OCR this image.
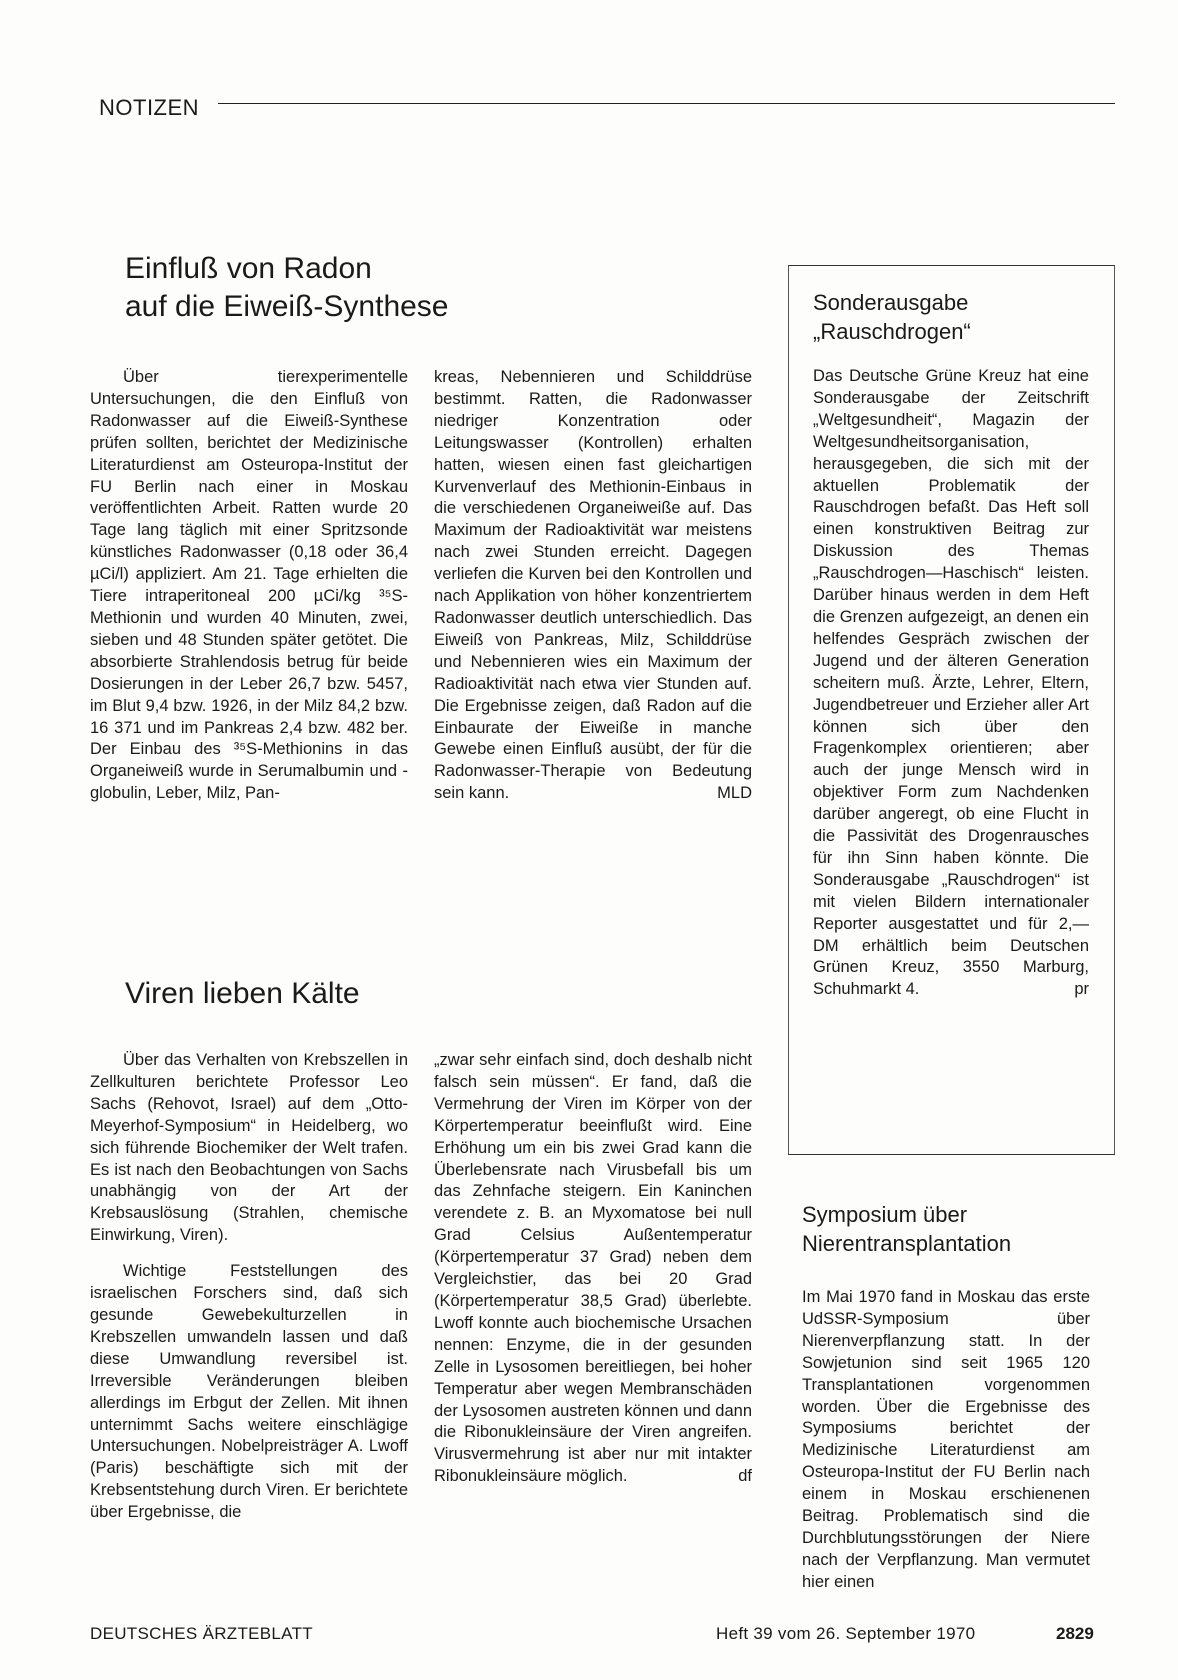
NOTIZEN
Einfluß von Radon
auf die Eiweiß-Synthese

Über tierexperimentelle Untersuchungen, die den Einfluß von Radonwasser auf die Eiweiß-Synthese prüfen sollten, berichtet der Medizinische Literaturdienst am Osteuropa-Institut der FU Berlin nach einer in Moskau veröffentlichten Arbeit. Ratten wurde 20 Tage lang täglich mit einer Spritzsonde künstliches Radonwasser (0,18 oder 36,4 µCi/l) appliziert. Am 21. Tage erhielten die Tiere intraperitoneal 200 µCi/kg ³⁵S-Methionin und wurden 40 Minuten, zwei, sieben und 48 Stunden später getötet. Die absorbierte Strahlendosis betrug für beide Dosierungen in der Leber 26,7 bzw. 5457, im Blut 9,4 bzw. 1926, in der Milz 84,2 bzw. 16 371 und im Pankreas 2,4 bzw. 482 ber. Der Einbau des ³⁵S-Methionins in das Organeiweiß wurde in Serumalbumin und -globulin, Leber, Milz, Pan-

kreas, Nebennieren und Schilddrüse bestimmt. Ratten, die Radonwasser niedriger Konzentration oder Leitungswasser (Kontrollen) erhalten hatten, wiesen einen fast gleichartigen Kurvenverlauf des Methionin-Einbaus in die verschiedenen Organeiweiße auf. Das Maximum der Radioaktivität war meistens nach zwei Stunden erreicht. Dagegen verliefen die Kurven bei den Kontrollen und nach Applikation von höher konzentriertem Radonwasser deutlich unterschiedlich. Das Eiweiß von Pankreas, Milz, Schilddrüse und Nebennieren wies ein Maximum der Radioaktivität nach etwa vier Stunden auf. Die Ergebnisse zeigen, daß Radon auf die Einbaurate der Eiweiße in manche Gewebe einen Einfluß ausübt, der für die Radonwasser-Therapie von Bedeutung sein kann.	MLD

Sonderausgabe
„Rauschdrogen“

Das Deutsche Grüne Kreuz hat eine Sonderausgabe der Zeitschrift „Weltgesundheit“, Magazin der Weltgesundheitsorganisation, herausgegeben, die sich mit der aktuellen Problematik der Rauschdrogen befaßt. Das Heft soll einen konstruktiven Beitrag zur Diskussion des Themas „Rauschdrogen—Haschisch“ leisten. Darüber hinaus werden in dem Heft die Grenzen aufgezeigt, an denen ein helfendes Gespräch zwischen der Jugend und der älteren Generation scheitern muß. Ärzte, Lehrer, Eltern, Jugendbetreuer und Erzieher aller Art können sich über den Fragenkomplex orientieren; aber auch der junge Mensch wird in objektiver Form zum Nachdenken darüber angeregt, ob eine Flucht in die Passivität des Drogenrausches für ihn Sinn haben könnte. Die Sonderausgabe „Rauschdrogen“ ist mit vielen Bildern internationaler Reporter ausgestattet und für 2,— DM erhältlich beim Deutschen Grünen Kreuz, 3550 Marburg, Schuhmarkt 4.	pr

Viren lieben Kälte

Über das Verhalten von Krebszellen in Zellkulturen berichtete Professor Leo Sachs (Rehovot, Israel) auf dem „Otto-Meyerhof-Symposium“ in Heidelberg, wo sich führende Biochemiker der Welt trafen. Es ist nach den Beobachtungen von Sachs unabhängig von der Art der Krebsauslösung (Strahlen, chemische Einwirkung, Viren).

Wichtige Feststellungen des israelischen Forschers sind, daß sich gesunde Gewebekulturzellen in Krebszellen umwandeln lassen und daß diese Umwandlung reversibel ist. Irreversible Veränderungen bleiben allerdings im Erbgut der Zellen. Mit ihnen unternimmt Sachs weitere einschlägige Untersuchungen. Nobelpreisträger A. Lwoff (Paris) beschäftigte sich mit der Krebsentstehung durch Viren. Er berichtete über Ergebnisse, die

„zwar sehr einfach sind, doch deshalb nicht falsch sein müssen“. Er fand, daß die Vermehrung der Viren im Körper von der Körpertemperatur beeinflußt wird. Eine Erhöhung um ein bis zwei Grad kann die Überlebensrate nach Virusbefall bis um das Zehnfache steigern. Ein Kaninchen verendete z. B. an Myxomatose bei null Grad Celsius Außentemperatur (Körpertemperatur 37 Grad) neben dem Vergleichstier, das bei 20 Grad (Körpertemperatur 38,5 Grad) überlebte. Lwoff konnte auch biochemische Ursachen nennen: Enzyme, die in der gesunden Zelle in Lysosomen bereitliegen, bei hoher Temperatur aber wegen Membranschäden der Lysosomen austreten können und dann die Ribonukleinsäure der Viren angreifen. Virusvermehrung ist aber nur mit intakter Ribonukleinsäure möglich.	df

Symposium über
Nierentransplantation

Im Mai 1970 fand in Moskau das erste UdSSR-Symposium über Nierenverpflanzung statt. In der Sowjetunion sind seit 1965 120 Transplantationen vorgenommen worden. Über die Ergebnisse des Symposiums berichtet der Medizinische Literaturdienst am Osteuropa-Institut der FU Berlin nach einem in Moskau erschienenen Beitrag. Problematisch sind die Durchblutungsstörungen der Niere nach der Verpflanzung. Man vermutet hier einen

DEUTSCHES ÄRZTEBLATT	Heft 39 vom 26. September 1970	2829
